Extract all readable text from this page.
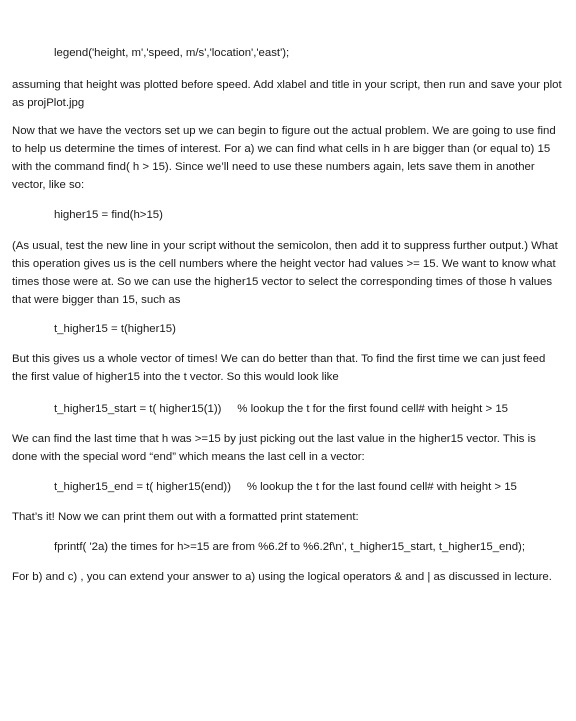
legend('height, m','speed, m/s','location','east');

assuming that height was plotted before speed. Add xlabel and title in your script, then run and save your plot as projPlot.jpg

Now that we have the vectors set up we can begin to figure out the actual problem. We are going to use find to help us determine the times of interest. For a) we can find what cells in h are bigger than (or equal to) 15 with the command find( h > 15). Since we’ll need to use these numbers again, lets save them in another vector, like so:

higher15 = find(h>15)

(As usual, test the new line in your script without the semicolon, then add it to suppress further output.) What this operation gives us is the cell numbers where the height vector had values >= 15. We want to know what times those were at. So we can use the higher15 vector to select the corresponding times of those h values that were bigger than 15, such as

t_higher15 = t(higher15)

But this gives us a whole vector of times! We can do better than that. To find the first time we can just feed the first value of higher15 into the t vector. So this would look like

t_higher15_start = t( higher15(1))     % lookup the t for the first found cell# with height > 15

We can find the last time that h was >=15 by just picking out the last value in the higher15 vector. This is done with the special word “end” which means the last cell in a vector:

t_higher15_end = t( higher15(end))     % lookup the t for the last found cell# with height > 15

That’s it! Now we can print them out with a formatted print statement:

fprintf( '2a) the times for h>=15 are from %6.2f to %6.2f\n', t_higher15_start, t_higher15_end);

For b) and c) , you can extend your answer to a) using the logical operators & and | as discussed in lecture.
